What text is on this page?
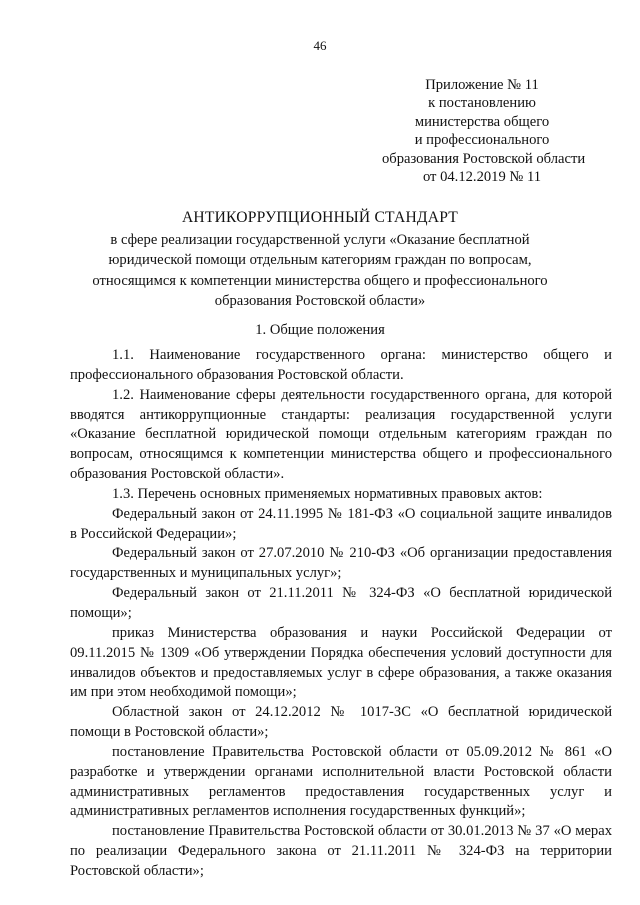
46
Приложение № 11
к постановлению
министерства общего
и профессионального
образования Ростовской области
от 04.12.2019 № 11
АНТИКОРРУПЦИОННЫЙ СТАНДАРТ
в сфере реализации государственной услуги «Оказание бесплатной
юридической помощи отдельным категориям граждан по вопросам,
относящимся к компетенции министерства общего и профессионального
образования Ростовской области»
1. Общие положения

1.1. Наименование государственного органа: министерство общего и профессионального образования Ростовской области.

1.2. Наименование сферы деятельности государственного органа, для которой вводятся антикоррупционные стандарты: реализация государственной услуги «Оказание бесплатной юридической помощи отдельным категориям граждан по вопросам, относящимся к компетенции министерства общего и профессионального образования Ростовской области».

1.3. Перечень основных применяемых нормативных правовых актов:

Федеральный закон от 24.11.1995 № 181-ФЗ «О социальной защите инвалидов в Российской Федерации»;

Федеральный закон от 27.07.2010 № 210-ФЗ «Об организации предоставления государственных и муниципальных услуг»;

Федеральный закон от 21.11.2011 № 324-ФЗ «О бесплатной юридической помощи»;

приказ Министерства образования и науки Российской Федерации от 09.11.2015 № 1309 «Об утверждении Порядка обеспечения условий доступности для инвалидов объектов и предоставляемых услуг в сфере образования, а также оказания им при этом необходимой помощи»;

Областной закон от 24.12.2012 № 1017-ЗС «О бесплатной юридической помощи в Ростовской области»;

постановление Правительства Ростовской области от 05.09.2012 № 861 «О разработке и утверждении органами исполнительной власти Ростовской области административных регламентов предоставления государственных услуг и административных регламентов исполнения государственных функций»;

постановление Правительства Ростовской области от 30.01.2013 № 37 «О мерах по реализации Федерального закона от 21.11.2011 № 324-ФЗ на территории Ростовской области»;
